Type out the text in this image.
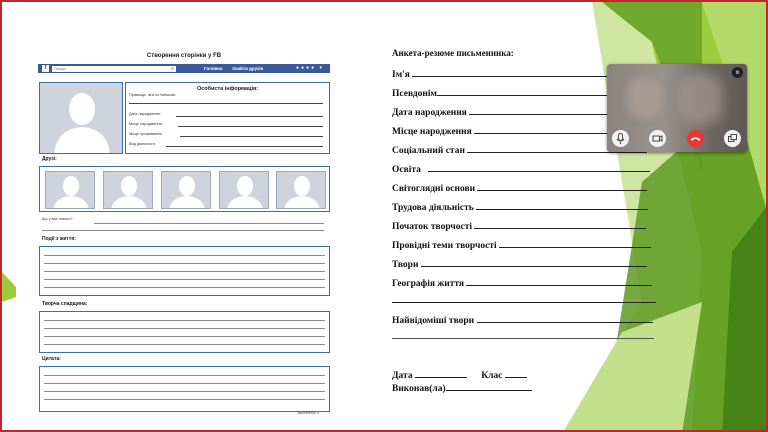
Створення сторінки у FB
f	Пошук	⚲	Головна Знайти друзів	●●●● ▾
Особиста інформація:
Прізвище, ім'я по батькові:
Дата народження:
Місце народження:
Місце проживання:
Вид діяльності:
Друзі:
Що у вас нового?
Події з життя:
Творча спадщина:
Цитата:
Заслоненко Л.
Анкета-резюме письменника:
Ім'я
Псевдонім
Дата народження
Місце народження
Соціальний стан
Освіта
Світоглядні основи
Трудова діяльність
Початок творчості
Провідні теми творчості
Твори
Географія життя
Найвідоміші твори
Дата	Клас
Виконав(ла)
×
